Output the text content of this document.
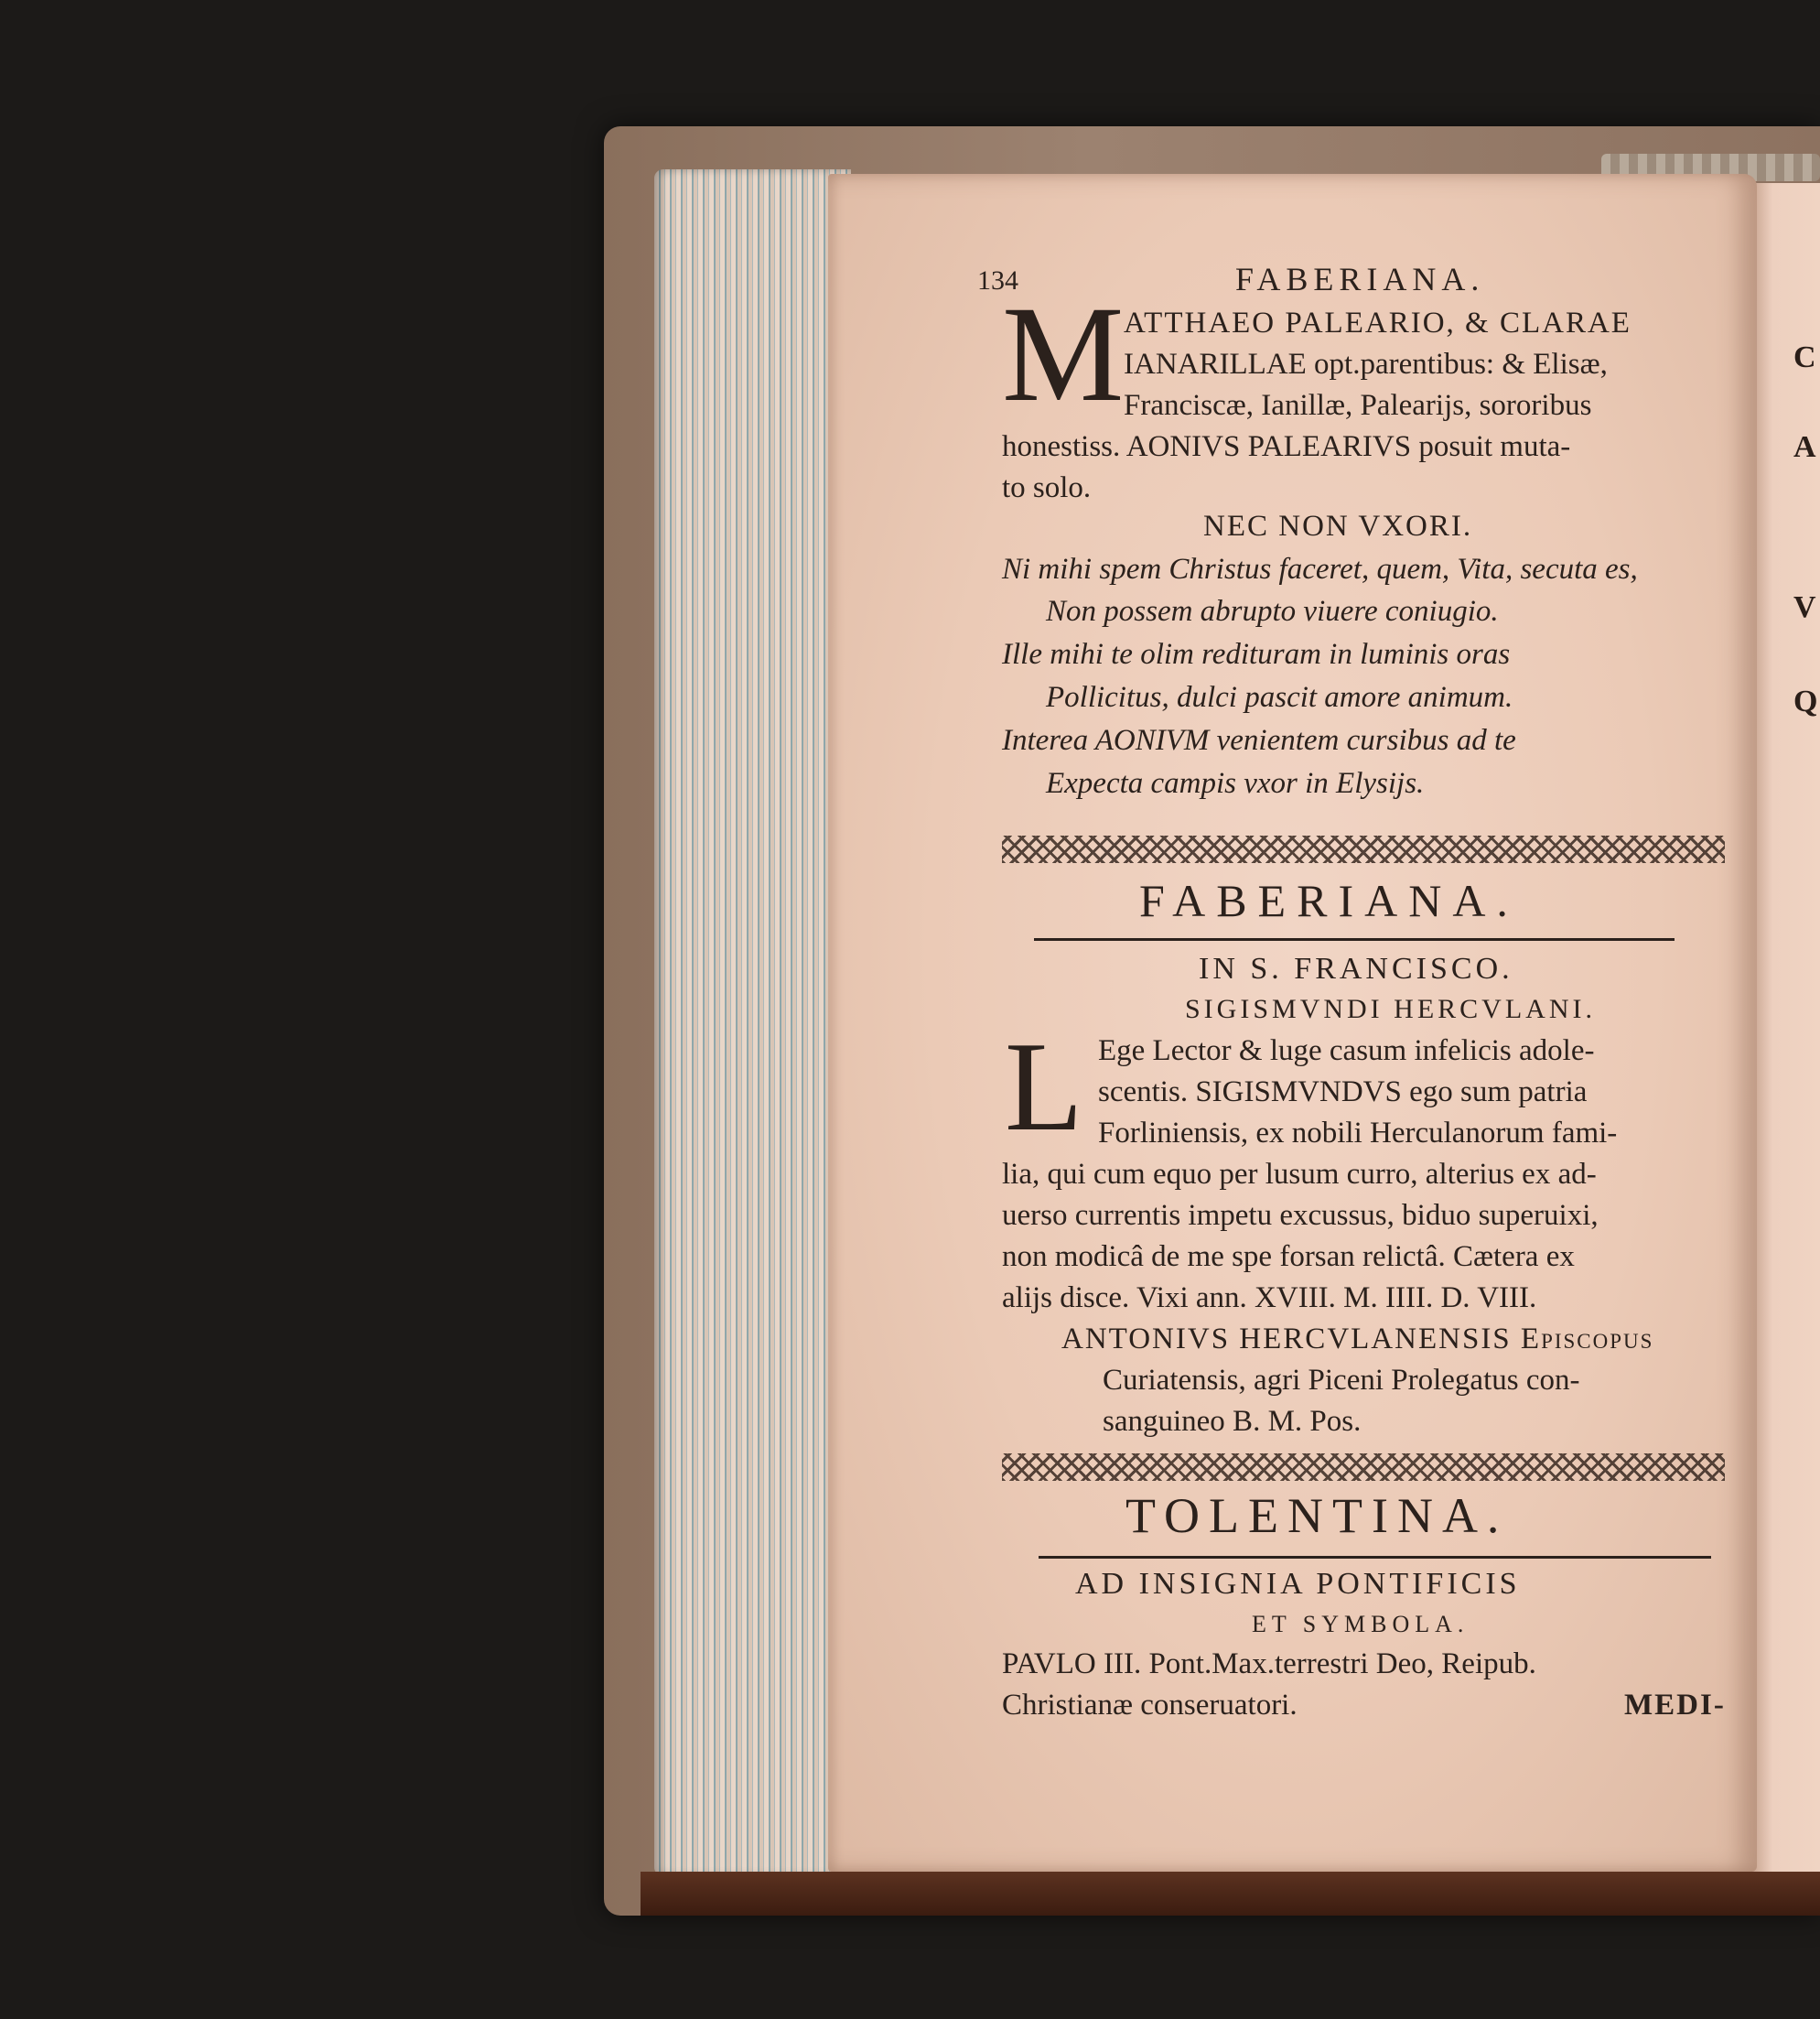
C
A
V
Q
134	FABERIANA.
M ATTHAEO PALEARIO, & CLARAE
IANARILLAE opt.parentibus: & Elisæ,
Franciscæ, Ianillæ, Palearijs, sororibus
honestiss. AONIVS PALEARIVS posuit muta-
to solo.
NEC NON VXORI.
Ni mihi spem Christus faceret, quem, Vita, secuta es,
Non possem abrupto viuere coniugio.
Ille mihi te olim redituram in luminis oras
Pollicitus, dulci pascit amore animum.
Interea AONIVM venientem cursibus ad te
Expecta campis vxor in Elysijs.
FABERIANA.
IN S. FRANCISCO.
SIGISMVNDI HERCVLANI.
L Ege Lector & luge casum infelicis adole-
scentis. SIGISMVNDVS ego sum patria
Forliniensis, ex nobili Herculanorum fami-
lia, qui cum equo per lusum curro, alterius ex ad-
uerso currentis impetu excussus, biduo superuixi,
non modicâ de me spe forsan relictâ. Cætera ex
alijs disce. Vixi ann. XVIII. M. IIII. D. VIII.
ANTONIVS HERCVLANENSIS Episcopus
Curiatensis, agri Piceni Prolegatus con-
sanguineo B. M. Pos.
TOLENTINA.
AD INSIGNIA PONTIFICIS
ET SYMBOLA.
PAVLO III. Pont.Max.terrestri Deo, Reipub.
Christianæ conseruatori.	MEDI-
